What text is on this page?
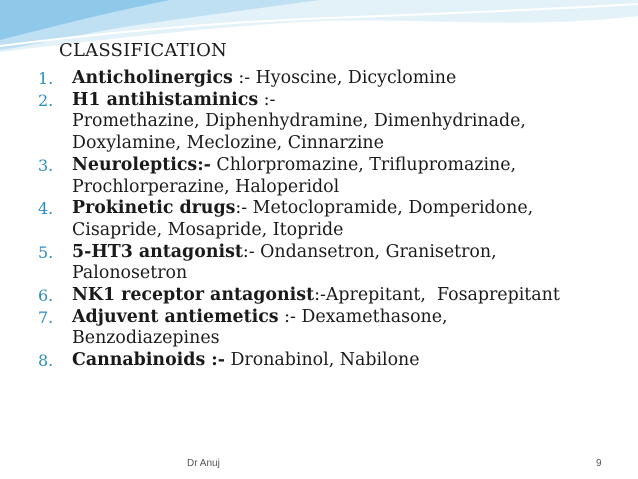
CLASSIFICATION
1.	Anticholinergics :- Hyoscine, Dicyclomine
2.	H1 antihistaminics :-
Promethazine, Diphenhydramine, Dimenhydrinade,
Doxylamine, Meclozine, Cinnarzine
3.	Neuroleptics:- Chlorpromazine, Triflupromazine,
Prochlorperazine, Haloperidol
4.	Prokinetic drugs:- Metoclopramide, Domperidone,
Cisapride, Mosapride, Itopride
5.	5-HT3 antagonist:- Ondansetron, Granisetron,
Palonosetron
6.	NK1 receptor antagonist:-Aprepitant,  Fosaprepitant
7.	Adjuvent antiemetics :- Dexamethasone,
Benzodiazepines
8.	Cannabinoids :- Dronabinol, Nabilone
Dr Anuj	9
